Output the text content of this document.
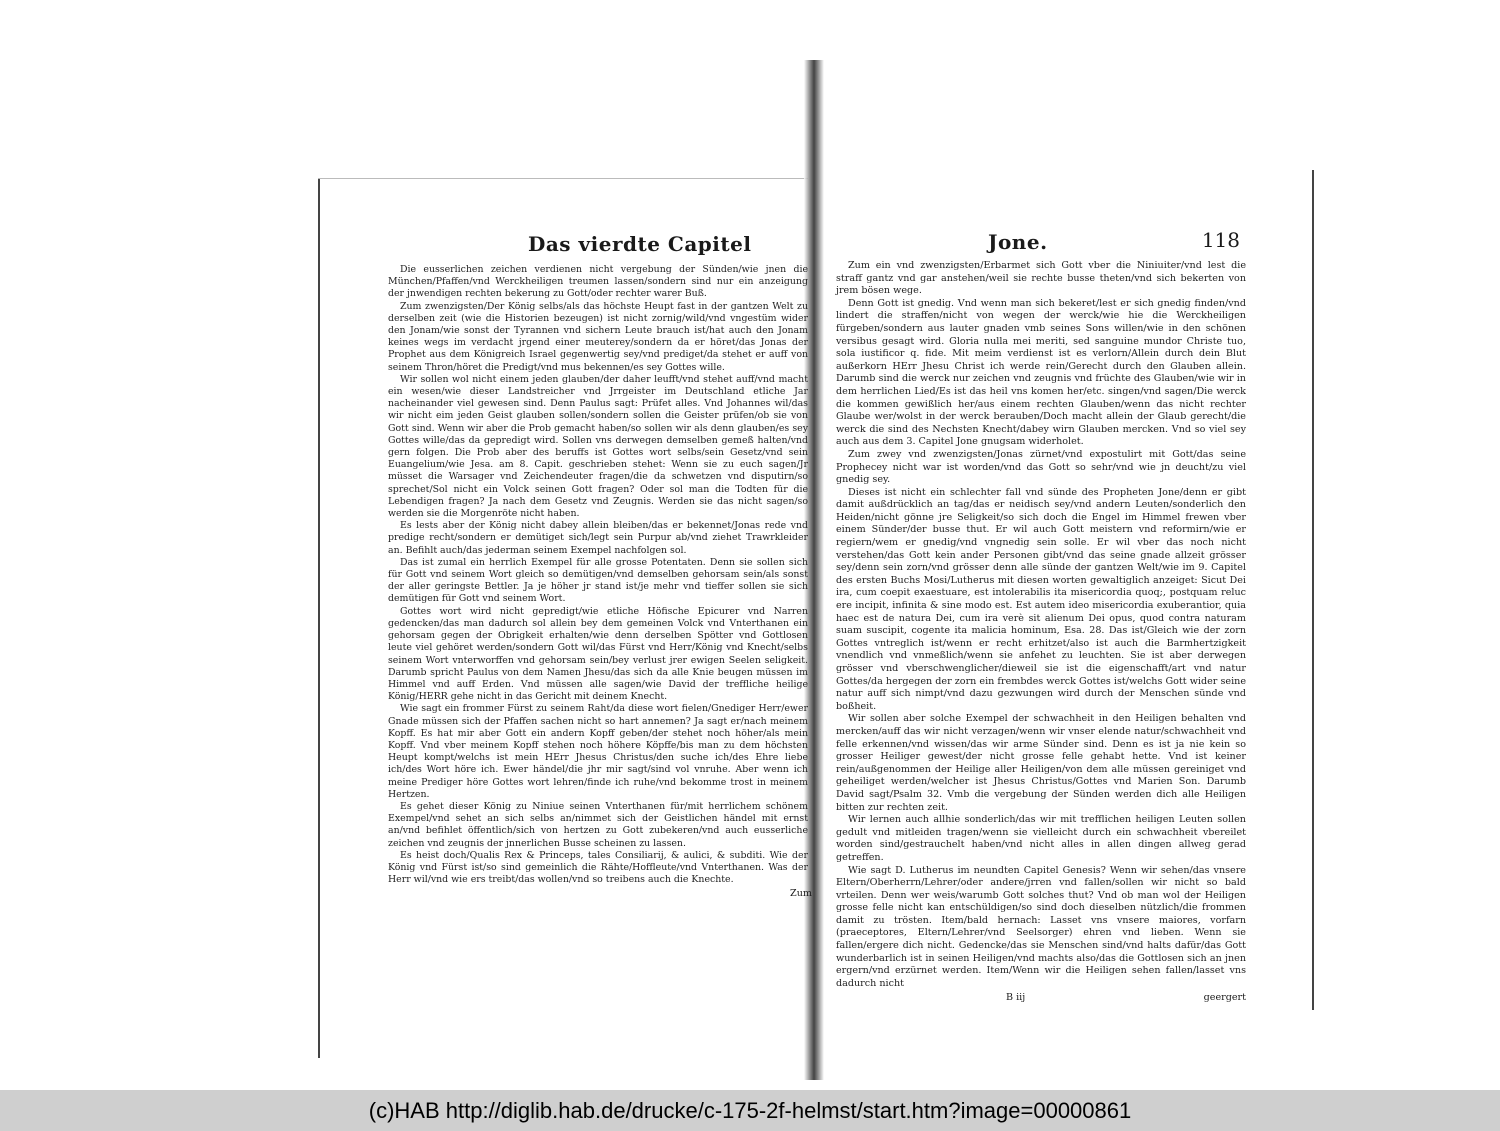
Das vierdte Capitel

Die eusserlichen zeichen verdienen nicht vergebung der Sünden/wie jnen die München/Pfaffen/vnd Werckheiligen treumen lassen/sondern sind nur ein anzeigung der jnwendigen rechten bekerung zu Gott/oder rechter warer Buß.

Zum zwenzigsten/Der König selbs/als das höchste Heupt fast in der gantzen Welt zu derselben zeit (wie die Historien bezeugen) ist nicht zornig/wild/vnd vngestüm wider den Jonam/wie sonst der Tyrannen vnd sichern Leute brauch ist/hat auch den Jonam keines wegs im verdacht jrgend einer meuterey/sondern da er höret/das Jonas der Prophet aus dem Königreich Israel gegenwertig sey/vnd prediget/da stehet er auff von seinem Thron/höret die Predigt/vnd mus bekennen/es sey Gottes wille.

Wir sollen wol nicht einem jeden glauben/der daher leufft/vnd stehet auff/vnd macht ein wesen/wie dieser Landstreicher vnd Jrrgeister im Deutschland etliche Jar nacheinander viel gewesen sind. Denn Paulus sagt: Prüfet alles. Vnd Johannes wil/das wir nicht eim jeden Geist glauben sollen/sondern sollen die Geister prüfen/ob sie von Gott sind. Wenn wir aber die Prob gemacht haben/so sollen wir als denn glauben/es sey Gottes wille/das da gepredigt wird. Sollen vns derwegen demselben gemeß halten/vnd gern folgen. Die Prob aber des beruffs ist Gottes wort selbs/sein Gesetz/vnd sein Euangelium/wie Jesa. am 8. Capit. geschrieben stehet: Wenn sie zu euch sagen/Jr müsset die Warsager vnd Zeichendeuter fragen/die da schwetzen vnd disputirn/so sprechet/Sol nicht ein Volck seinen Gott fragen? Oder sol man die Todten für die Lebendigen fragen? Ja nach dem Gesetz vnd Zeugnis. Werden sie das nicht sagen/so werden sie die Morgenröte nicht haben.

Es lests aber der König nicht dabey allein bleiben/das er bekennet/Jonas rede vnd predige recht/sondern er demütiget sich/legt sein Purpur ab/vnd ziehet Trawrkleider an. Befihlt auch/das jederman seinem Exempel nachfolgen sol.

Das ist zumal ein herrlich Exempel für alle grosse Potentaten. Denn sie sollen sich für Gott vnd seinem Wort gleich so demütigen/vnd demselben gehorsam sein/als sonst der aller geringste Bettler. Ja je höher jr stand ist/je mehr vnd tieffer sollen sie sich demütigen für Gott vnd seinem Wort.

Gottes wort wird nicht gepredigt/wie etliche Höfische Epicurer vnd Narren gedencken/das man dadurch sol allein bey dem gemeinen Volck vnd Vnterthanen ein gehorsam gegen der Obrigkeit erhalten/wie denn derselben Spötter vnd Gottlosen leute viel gehöret werden/sondern Gott wil/das Fürst vnd Herr/König vnd Knecht/selbs seinem Wort vnterworffen vnd gehorsam sein/bey verlust jrer ewigen Seelen seligkeit. Darumb spricht Paulus von dem Namen Jhesu/das sich da alle Knie beugen müssen im Himmel vnd auff Erden. Vnd müssen alle sagen/wie David der treffliche heilige König/HERR gehe nicht in das Gericht mit deinem Knecht.

Wie sagt ein frommer Fürst zu seinem Raht/da diese wort fielen/Gnediger Herr/ewer Gnade müssen sich der Pfaffen sachen nicht so hart annemen? Ja sagt er/nach meinem Kopff. Es hat mir aber Gott ein andern Kopff geben/der stehet noch höher/als mein Kopff. Vnd vber meinem Kopff stehen noch höhere Köpffe/bis man zu dem höchsten Heupt kompt/welchs ist mein HErr Jhesus Christus/den suche ich/des Ehre liebe ich/des Wort höre ich. Ewer händel/die jhr mir sagt/sind vol vnruhe. Aber wenn ich meine Prediger höre Gottes wort lehren/finde ich ruhe/vnd bekomme trost in meinem Hertzen.

Es gehet dieser König zu Niniue seinen Vnterthanen für/mit herrlichem schönem Exempel/vnd sehet an sich selbs an/nimmet sich der Geistlichen händel mit ernst an/vnd befihlet öffentlich/sich von hertzen zu Gott zubekeren/vnd auch eusserliche zeichen vnd zeugnis der jnnerlichen Busse scheinen zu lassen.

Es heist doch/Qualis Rex & Princeps, tales Consiliarij, & aulici, & subditi. Wie der König vnd Fürst ist/so sind gemeinlich die Rähte/Hoffleute/vnd Vnterthanen. Was der Herr wil/vnd wie ers treibt/das wollen/vnd so treibens auch die Knechte.

Zum
Jone.	118

Zum ein vnd zwenzigsten/Erbarmet sich Gott vber die Niniuiter/vnd lest die straff gantz vnd gar anstehen/weil sie rechte busse theten/vnd sich bekerten von jrem bösen wege.

Denn Gott ist gnedig. Vnd wenn man sich bekeret/lest er sich gnedig finden/vnd lindert die straffen/nicht von wegen der werck/wie hie die Werckheiligen fürgeben/sondern aus lauter gnaden vmb seines Sons willen/wie in den schönen versibus gesagt wird. Gloria nulla mei meriti, sed sanguine mundor Christe tuo, sola iustificor q. fide. Mit meim verdienst ist es verlorn/Allein durch dein Blut außerkorn HErr Jhesu Christ ich werde rein/Gerecht durch den Glauben allein. Darumb sind die werck nur zeichen vnd zeugnis vnd früchte des Glauben/wie wir in dem herrlichen Lied/Es ist das heil vns komen her/etc. singen/vnd sagen/Die werck die kommen gewißlich her/aus einem rechten Glauben/wenn das nicht rechter Glaube wer/wolst in der werck berauben/Doch macht allein der Glaub gerecht/die werck die sind des Nechsten Knecht/dabey wirn Glauben mercken. Vnd so viel sey auch aus dem 3. Capitel Jone gnugsam widerholet.

Zum zwey vnd zwenzigsten/Jonas zürnet/vnd expostulirt mit Gott/das seine Prophecey nicht war ist worden/vnd das Gott so sehr/vnd wie jn deucht/zu viel gnedig sey.

Dieses ist nicht ein schlechter fall vnd sünde des Propheten Jone/denn er gibt damit außdrücklich an tag/das er neidisch sey/vnd andern Leuten/sonderlich den Heiden/nicht gönne jre Seligkeit/so sich doch die Engel im Himmel frewen vber einem Sünder/der busse thut. Er wil auch Gott meistern vnd reformirn/wie er regiern/wem er gnedig/vnd vngnedig sein solle. Er wil vber das noch nicht verstehen/das Gott kein ander Personen gibt/vnd das seine gnade allzeit grösser sey/denn sein zorn/vnd grösser denn alle sünde der gantzen Welt/wie im 9. Capitel des ersten Buchs Mosi/Lutherus mit diesen worten gewaltiglich anzeiget: Sicut Dei ira, cum coepit exaestuare, est intolerabilis ita misericordia quoq;, postquam reluc ere incipit, infinita & sine modo est. Est autem ideo misericordia exuberantior, quia haec est de natura Dei, cum ira verè sit alienum Dei opus, quod contra naturam suam suscipit, cogente ita malicia hominum, Esa. 28. Das ist/Gleich wie der zorn Gottes vntreglich ist/wenn er recht erhitzet/also ist auch die Barmhertzigkeit vnendlich vnd vnmeßlich/wenn sie anfehet zu leuchten. Sie ist aber derwegen grösser vnd vberschwenglicher/dieweil sie ist die eigenschafft/art vnd natur Gottes/da hergegen der zorn ein frembdes werck Gottes ist/welchs Gott wider seine natur auff sich nimpt/vnd dazu gezwungen wird durch der Menschen sünde vnd boßheit.

Wir sollen aber solche Exempel der schwachheit in den Heiligen behalten vnd mercken/auff das wir nicht verzagen/wenn wir vnser elende natur/schwachheit vnd felle erkennen/vnd wissen/das wir arme Sünder sind. Denn es ist ja nie kein so grosser Heiliger gewest/der nicht grosse felle gehabt hette. Vnd ist keiner rein/außgenommen der Heilige aller Heiligen/von dem alle müssen gereiniget vnd geheiliget werden/welcher ist Jhesus Christus/Gottes vnd Marien Son. Darumb David sagt/Psalm 32. Vmb die vergebung der Sünden werden dich alle Heiligen bitten zur rechten zeit.

Wir lernen auch allhie sonderlich/das wir mit trefflichen heiligen Leuten sollen gedult vnd mitleiden tragen/wenn sie vielleicht durch ein schwachheit vbereilet worden sind/gestrauchelt haben/vnd nicht alles in allen dingen allweg gerad getreffen.

Wie sagt D. Lutherus im neundten Capitel Genesis? Wenn wir sehen/das vnsere Eltern/Oberherrn/Lehrer/oder andere/jrren vnd fallen/sollen wir nicht so bald vrteilen. Denn wer weis/warumb Gott solches thut? Vnd ob man wol der Heiligen grosse felle nicht kan entschüldigen/so sind doch dieselben nützlich/die frommen damit zu trösten. Item/bald hernach: Lasset vns vnsere maiores, vorfarn (praeceptores, Eltern/Lehrer/vnd Seelsorger) ehren vnd lieben. Wenn sie fallen/ergere dich nicht. Gedencke/das sie Menschen sind/vnd halts dafür/das Gott wunderbarlich ist in seinen Heiligen/vnd machts also/das die Gottlosen sich an jnen ergern/vnd erzürnet werden. Item/Wenn wir die Heiligen sehen fallen/lasset vns dadurch nicht

B iij	geergert
(c)HAB http://diglib.hab.de/drucke/c-175-2f-helmst/start.htm?image=00000861
